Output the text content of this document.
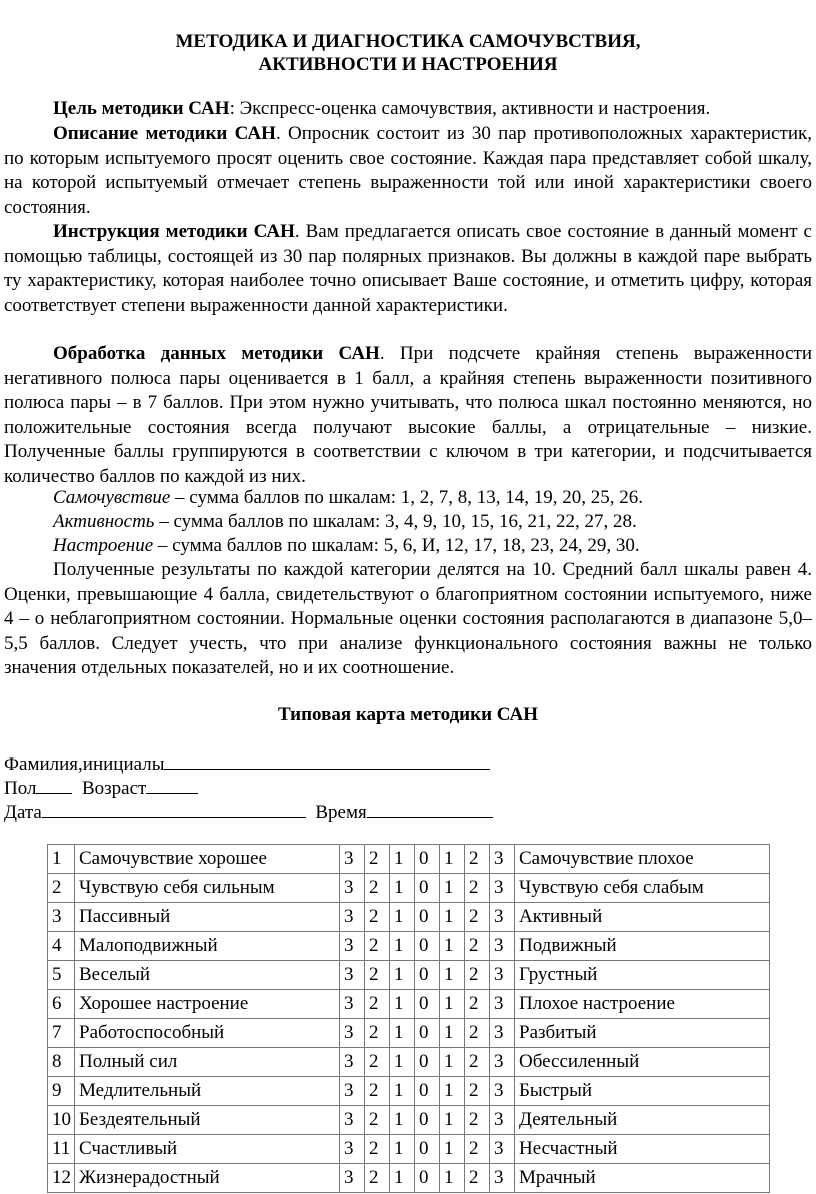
МЕТОДИКА И ДИАГНОСТИКА САМОЧУВСТВИЯ,
АКТИВНОСТИ И НАСТРОЕНИЯ
Цель методики САН: Экспресс-оценка самочувствия, активности и настроения.
Описание методики САН. Опросник состоит из 30 пар противоположных характеристик, по которым испытуемого просят оценить свое состояние. Каждая пара представляет собой шкалу, на которой испытуемый отмечает степень выраженности той или иной характеристики своего состояния.
Инструкция методики САН. Вам предлагается описать свое состояние в данный момент с помощью таблицы, состоящей из 30 пар полярных признаков. Вы должны в каждой паре выбрать ту характеристику, которая наиболее точно описывает Ваше состояние, и отметить цифру, которая соответствует степени выраженности данной характеристики.
Обработка данных методики САН. При подсчете крайняя степень выраженности негативного полюса пары оценивается в 1 балл, а крайняя степень выраженности позитивного полюса пары – в 7 баллов. При этом нужно учитывать, что полюса шкал постоянно меняются, но положительные состояния всегда получают высокие баллы, а отрицательные – низкие. Полученные баллы группируются в соответствии с ключом в три категории, и подсчитывается количество баллов по каждой из них.
Самочувствие – сумма баллов по шкалам: 1, 2, 7, 8, 13, 14, 19, 20, 25, 26.
Активность – сумма баллов по шкалам: 3, 4, 9, 10, 15, 16, 21, 22, 27, 28.
Настроение – сумма баллов по шкалам: 5, 6, И, 12, 17, 18, 23, 24, 29, 30.
Полученные результаты по каждой категории делятся на 10. Средний балл шкалы равен 4. Оценки, превышающие 4 балла, свидетельствуют о благоприятном состоянии испытуемого, ниже 4 – о неблагоприятном состоянии. Нормальные оценки состояния располагаются в диапазоне 5,0–5,5 баллов. Следует учесть, что при анализе функционального состояния важны не только значения отдельных показателей, но и их соотношение.
Типовая карта методики САН
Фамилия,инициалы
Пол Возраст
Дата	Время
1	Самочувствие хорошее	3	2	1	0	1	2	3	Самочувствие плохое
2	Чувствую себя сильным	3	2	1	0	1	2	3	Чувствую себя слабым
3	Пассивный	3	2	1	0	1	2	3	Активный
4	Малоподвижный	3	2	1	0	1	2	3	Подвижный
5	Веселый	3	2	1	0	1	2	3	Грустный
6	Хорошее настроение	3	2	1	0	1	2	3	Плохое настроение
7	Работоспособный	3	2	1	0	1	2	3	Разбитый
8	Полный сил	3	2	1	0	1	2	3	Обессиленный
9	Медлительный	3	2	1	0	1	2	3	Быстрый
10	Бездеятельный	3	2	1	0	1	2	3	Деятельный
11	Счастливый	3	2	1	0	1	2	3	Несчастный
12	Жизнерадостный	3	2	1	0	1	2	3	Мрачный
